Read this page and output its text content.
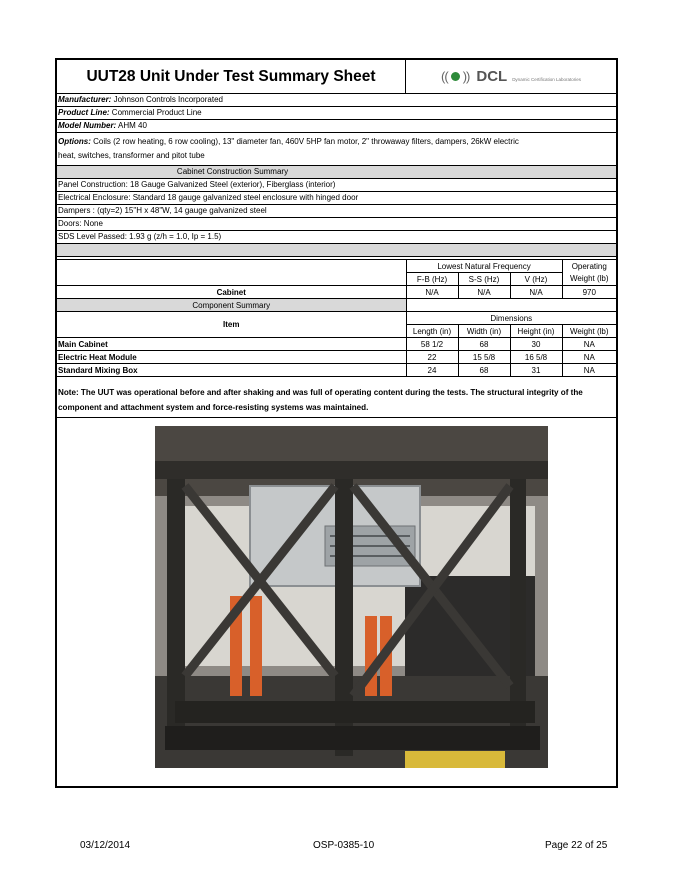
UUT28 Unit Under Test Summary Sheet	(( )) DCL Dynamic Certification Laboratories
Manufacturer: Johnson Controls Incorporated
Product Line: Commercial Product Line
Model Number: AHM 40
Options: Coils (2 row heating, 6 row cooling), 13" diameter fan, 460V 5HP fan motor, 2" throwaway filters, dampers, 26kW electric
heat, switches, transformer and pitot tube
Cabinet Construction Summary
Panel Construction: 18 Gauge Galvanized Steel (exterior), Fiberglass (interior)
Electrical Enclosure: Standard 18 gauge galvanized steel enclosure with hinged door
Dampers : (qty=2) 15"H x 48"W, 14 gauge galvanized steel
Doors: None
SDS Level Passed: 1.93 g (z/h = 1.0, Ip = 1.5)
	Lowest Natural Frequency			Operating
	F-B (Hz)	S-S (Hz)	V (Hz)	Weight (lb)
Cabinet	N/A	N/A	N/A	970
Component Summary				
Item	Dimensions			
	Length (in)	Width (in)	Height (in)	Weight (lb)
Main Cabinet	58 1/2	68	30	NA
Electric Heat Module	22	15 5/8	16 5/8	NA
Standard Mixing Box	24	68	31	NA
Note: The UUT was operational before and after shaking and was full of operating content during the tests. The structural integrity of the component and attachment system and force-resisting systems was maintained.
03/12/2014	OSP-0385-10	Page 22 of 25
